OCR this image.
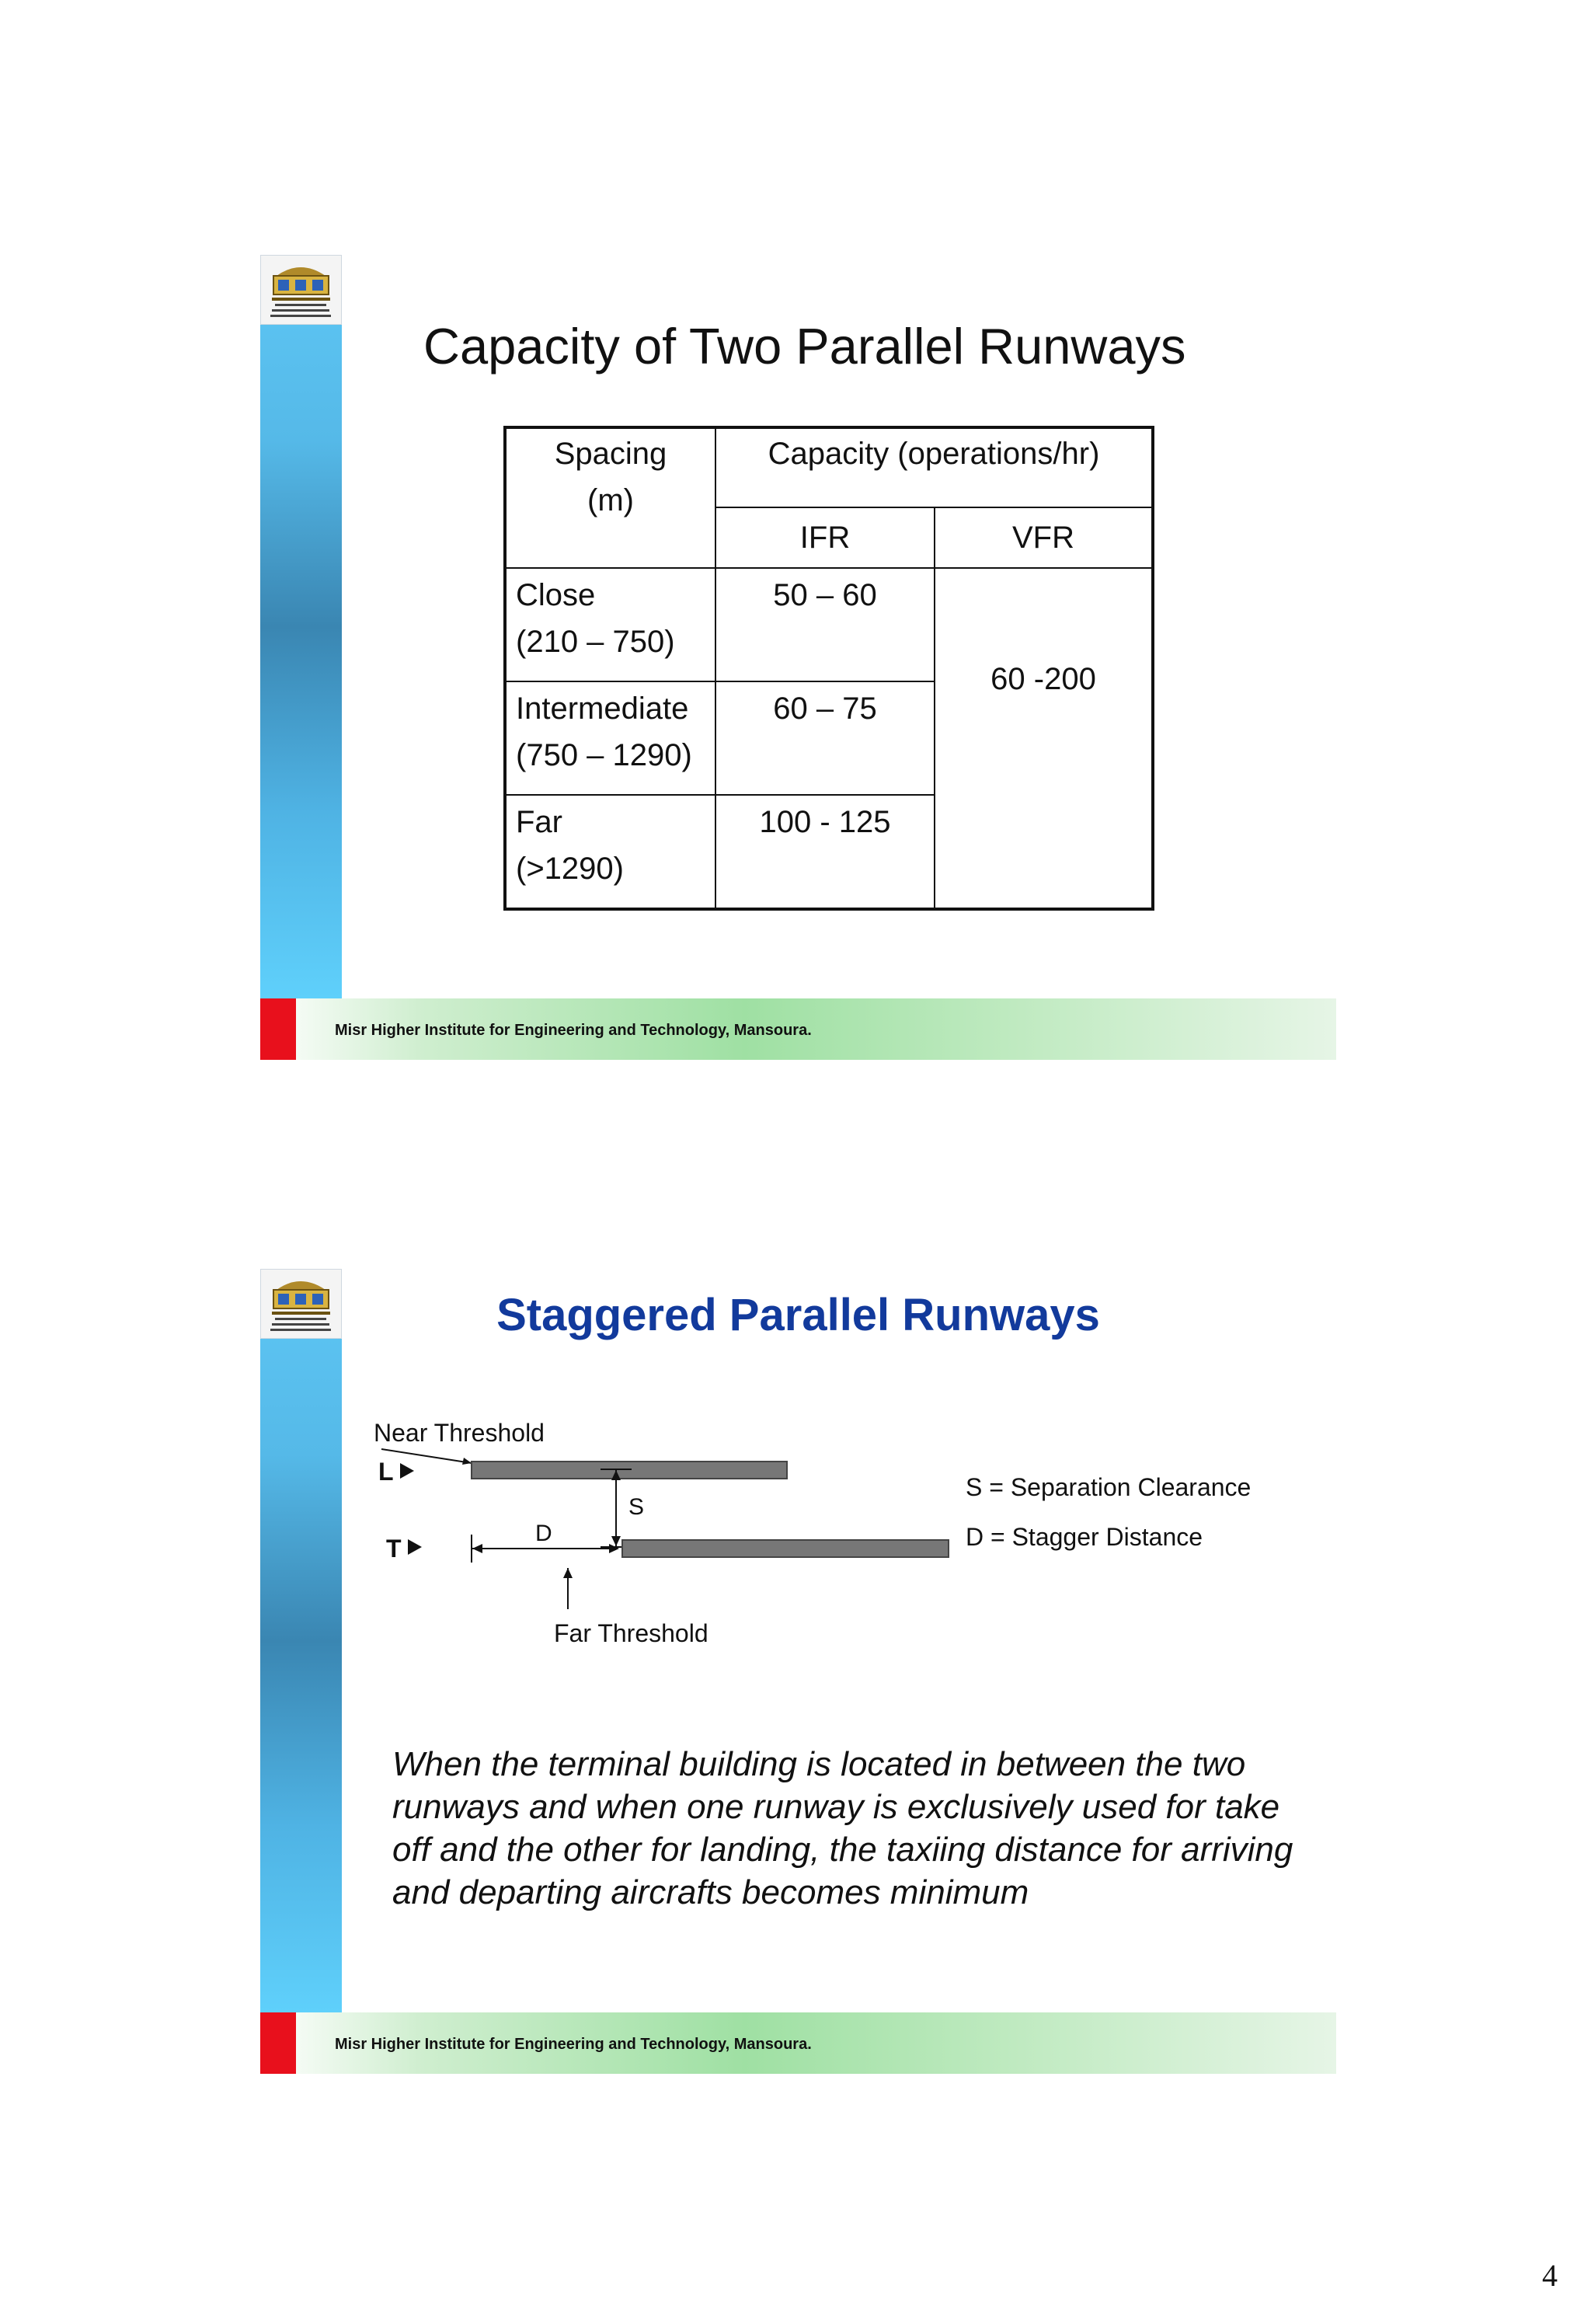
Capacity of Two Parallel Runways
Spacing
(m)	Capacity (operations/hr)	

	IFR	VFR

Close
(210 – 750)	50 – 60	60 -200

Intermediate
(750 – 1290)	60 – 75	

Far
(>1290)	100 - 125	
Misr Higher Institute for Engineering and Technology, Mansoura.
Staggered Parallel Runways
Near Threshold
L
S
T
D
Far Threshold
S = Separation Clearance
D = Stagger Distance
When the terminal building is located in between the two runways and when one runway is exclusively used for take off and the other for landing, the taxiing distance for arriving and departing aircrafts becomes minimum
Misr Higher Institute for Engineering and Technology, Mansoura.
4
